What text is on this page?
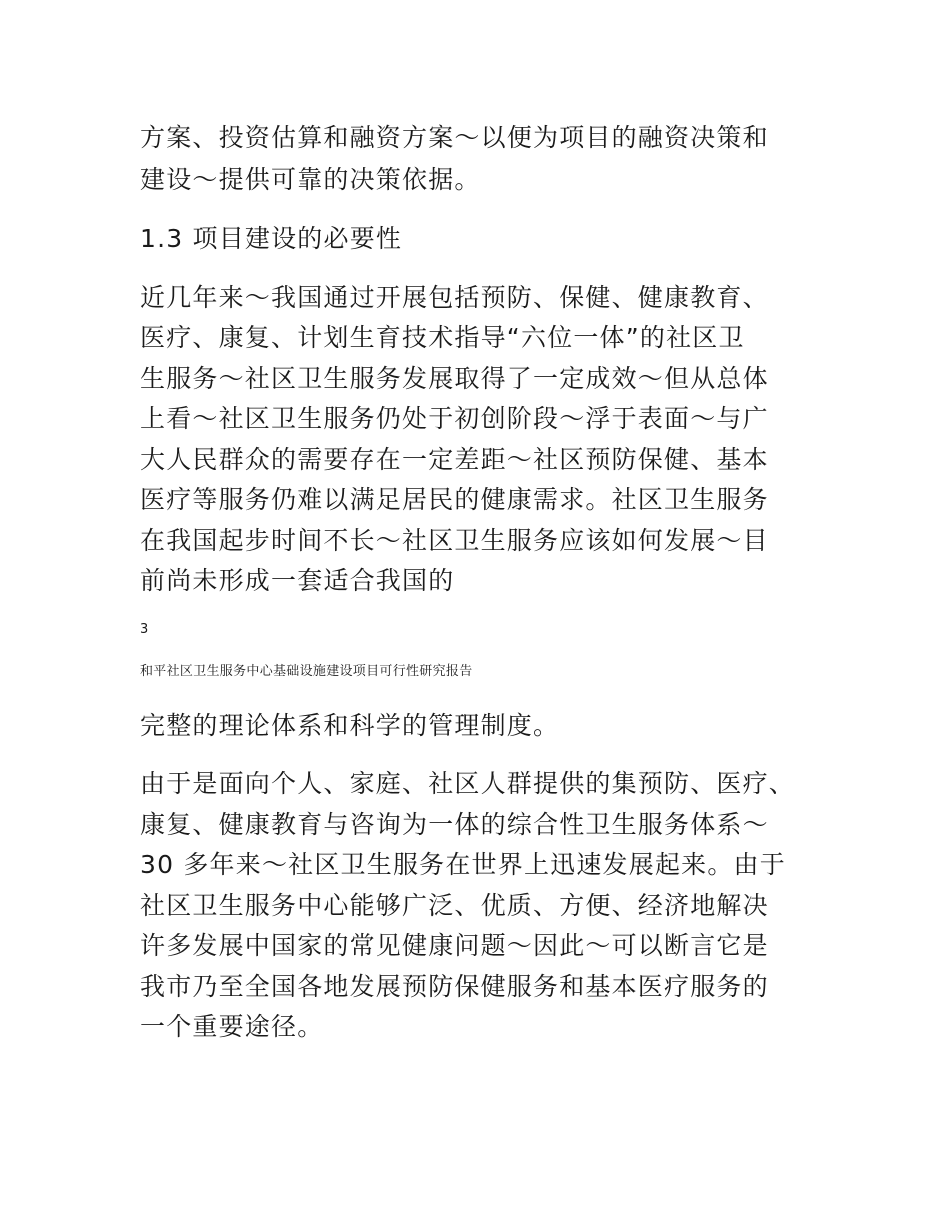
方案、投资估算和融资方案～以便为项目的融资决策和
建设～提供可靠的决策依据。
1.3 项目建设的必要性
近几年来～我国通过开展包括预防、保健、健康教育、
医疗、康复、计划生育技术指导“六位一体”的社区卫
生服务～社区卫生服务发展取得了一定成效～但从总体
上看～社区卫生服务仍处于初创阶段～浮于表面～与广
大人民群众的需要存在一定差距～社区预防保健、基本
医疗等服务仍难以满足居民的健康需求。社区卫生服务
在我国起步时间不长～社区卫生服务应该如何发展～目
前尚未形成一套适合我国的
3
和平社区卫生服务中心基础设施建设项目可行性研究报告
完整的理论体系和科学的管理制度。
由于是面向个人、家庭、社区人群提供的集预防、医疗、
康复、健康教育与咨询为一体的综合性卫生服务体系～
30 多年来～社区卫生服务在世界上迅速发展起来。由于
社区卫生服务中心能够广泛、优质、方便、经济地解决
许多发展中国家的常见健康问题～因此～可以断言它是
我市乃至全国各地发展预防保健服务和基本医疗服务的
一个重要途径。
